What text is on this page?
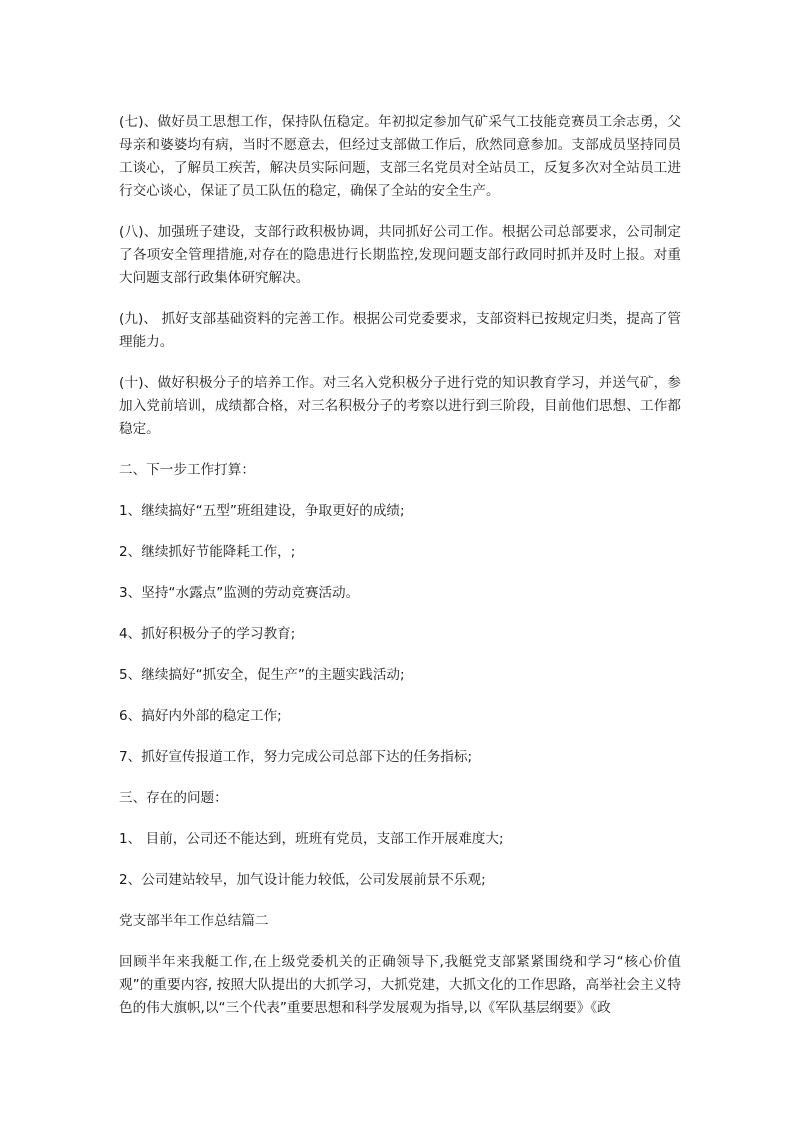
(七)、做好员工思想工作，保持队伍稳定。年初拟定参加气矿采气工技能竞赛员工余志勇，父母亲和婆婆均有病，当时不愿意去，但经过支部做工作后，欣然同意参加。支部成员坚持同员工谈心，了解员工疾苦，解决员实际问题，支部三名党员对全站员工，反复多次对全站员工进行交心谈心，保证了员工队伍的稳定，确保了全站的安全生产。

(八)、加强班子建设，支部行政积极协调，共同抓好公司工作。根据公司总部要求，公司制定了各项安全管理措施,对存在的隐患进行长期监控,发现问题支部行政同时抓并及时上报。对重大问题支部行政集体研究解决。

(九)、 抓好支部基础资料的完善工作。根据公司党委要求，支部资料已按规定归类，提高了管理能力。

(十)、做好积极分子的培养工作。对三名入党积极分子进行党的知识教育学习，并送气矿，参加入党前培训，成绩都合格，对三名积极分子的考察以进行到三阶段，目前他们思想、工作都稳定。

二、下一步工作打算：

1、继续搞好“五型”班组建设，争取更好的成绩;

2、继续抓好节能降耗工作，;

3、坚持“水露点”监测的劳动竞赛活动。

4、抓好积极分子的学习教育;

5、继续搞好“抓安全，促生产”的主题实践活动;

6、搞好内外部的稳定工作;

7、抓好宣传报道工作，努力完成公司总部下达的任务指标;

三、存在的问题：

1、 目前，公司还不能达到，班班有党员，支部工作开展难度大;

2、公司建站较早，加气设计能力较低，公司发展前景不乐观;

党支部半年工作总结篇二

回顾半年来我艇工作,在上级党委机关的正确领导下,我艇党支部紧紧围绕和学习“核心价值观”的重要内容, 按照大队提出的大抓学习，大抓党建，大抓文化的工作思路，高举社会主义特色的伟大旗帜,以“三个代表”重要思想和科学发展观为指导,以《军队基层纲要》《政
